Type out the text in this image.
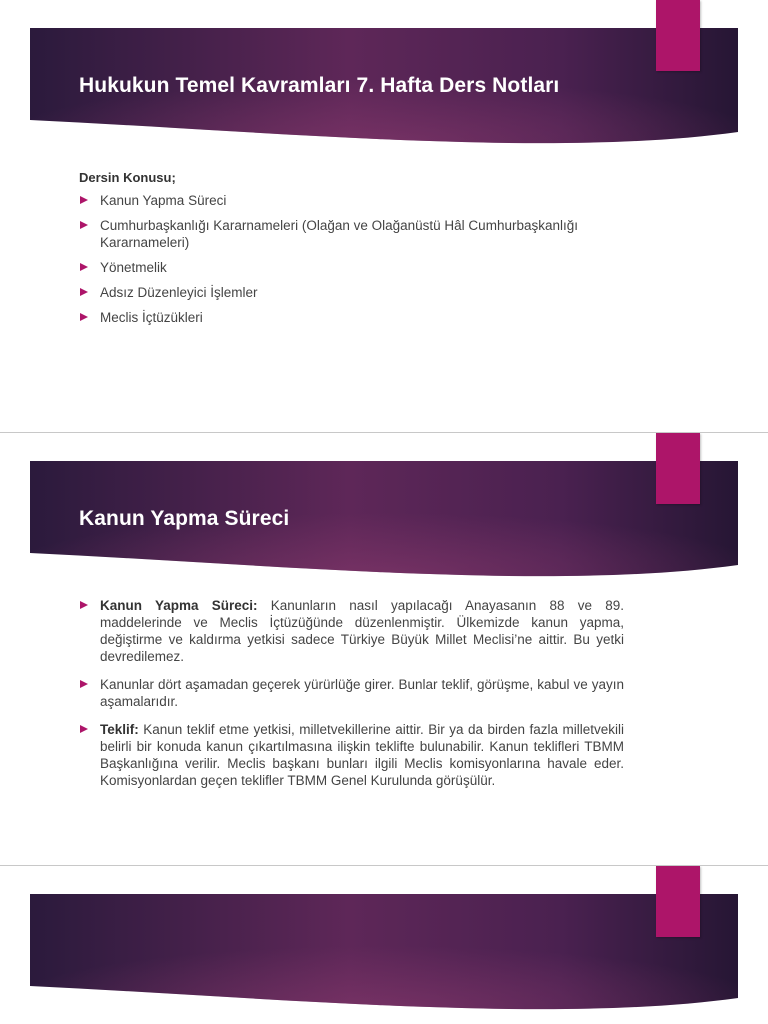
Hukukun Temel Kavramları 7. Hafta Ders Notları
Dersin Konusu;
Kanun Yapma Süreci
Cumhurbaşkanlığı Kararnameleri (Olağan ve Olağanüstü Hâl Cumhurbaşkanlığı Kararnameleri)
Yönetmelik
Adsız Düzenleyici İşlemler
Meclis İçtüzükleri
Kanun Yapma Süreci
Kanun Yapma Süreci: Kanunların nasıl yapılacağı Anayasanın 88 ve 89. maddelerinde ve Meclis İçtüzüğünde düzenlenmiştir. Ülkemizde kanun yapma, değiştirme ve kaldırma yetkisi sadece Türkiye Büyük Millet Meclisi’ne aittir. Bu yetki devredilemez.
Kanunlar dört aşamadan geçerek yürürlüğe girer. Bunlar teklif, görüşme, kabul ve yayın aşamalarıdır.
Teklif: Kanun teklif etme yetkisi, milletvekillerine aittir. Bir ya da birden fazla milletvekili belirli bir konuda kanun çıkartılmasına ilişkin teklifte bulunabilir. Kanun teklifleri TBMM Başkanlığına verilir. Meclis başkanı bunları ilgili Meclis komisyonlarına havale eder. Komisyonlardan geçen teklifler TBMM Genel Kurulunda görüşülür.
